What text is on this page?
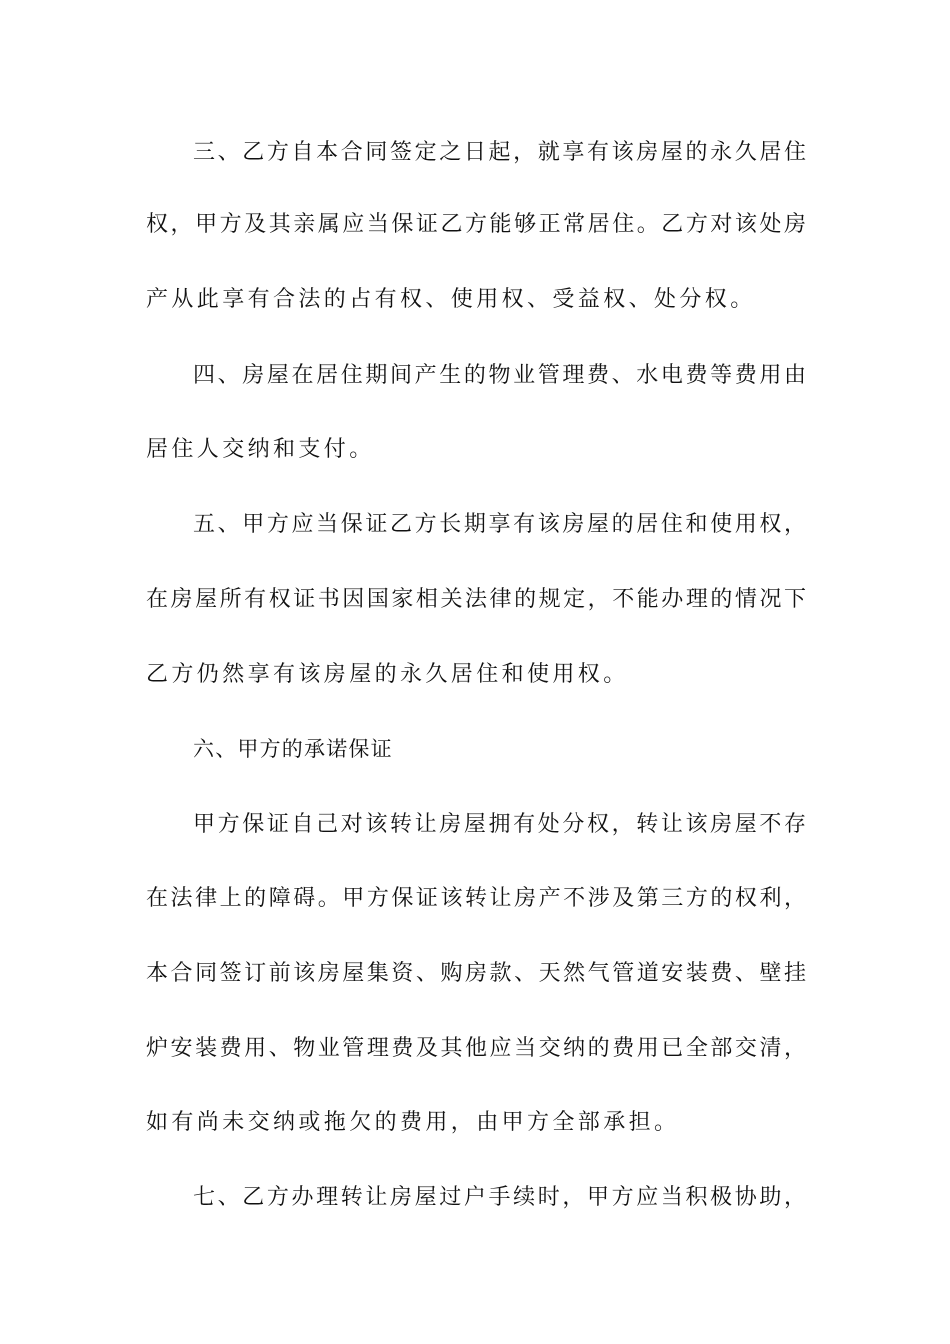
三、乙方自本合同签定之日起，就享有该房屋的永久居住
权，甲方及其亲属应当保证乙方能够正常居住。乙方对该处房
产从此享有合法的占有权、使用权、受益权、处分权。
四、房屋在居住期间产生的物业管理费、水电费等费用由
居住人交纳和支付。
五、甲方应当保证乙方长期享有该房屋的居住和使用权，
在房屋所有权证书因国家相关法律的规定，不能办理的情况下
乙方仍然享有该房屋的永久居住和使用权。
六、甲方的承诺保证
甲方保证自己对该转让房屋拥有处分权，转让该房屋不存
在法律上的障碍。甲方保证该转让房产不涉及第三方的权利，
本合同签订前该房屋集资、购房款、天然气管道安装费、壁挂
炉安装费用、物业管理费及其他应当交纳的费用已全部交清，
如有尚未交纳或拖欠的费用，由甲方全部承担。
七、乙方办理转让房屋过户手续时，甲方应当积极协助，
